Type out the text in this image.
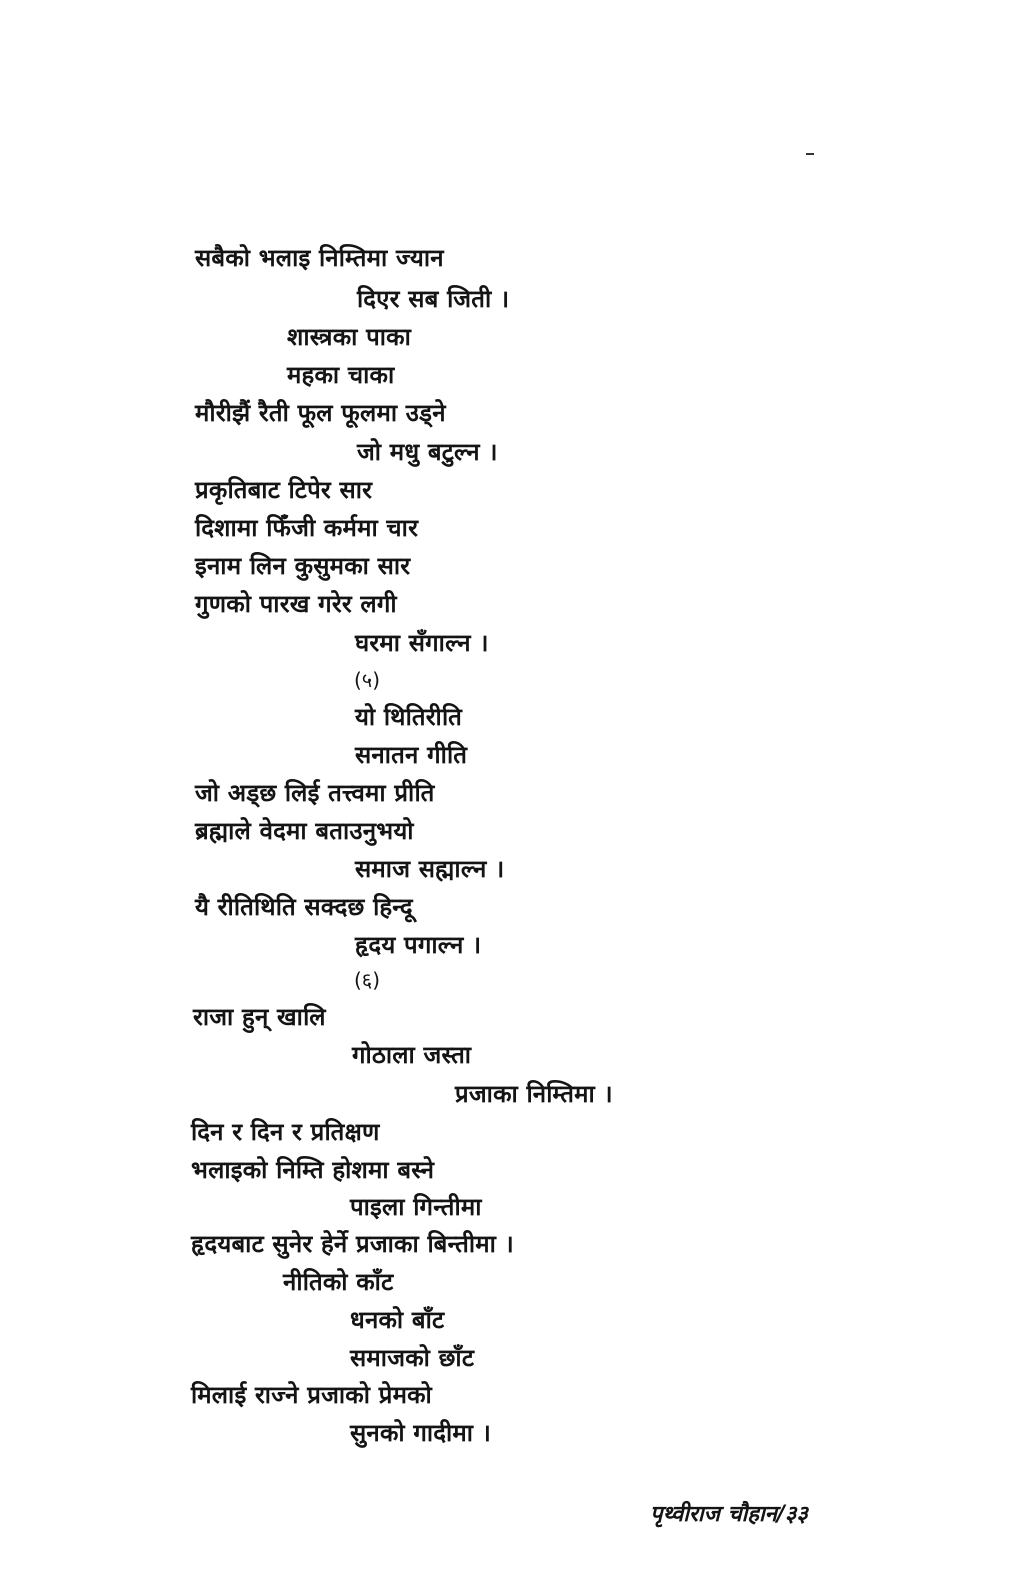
सबैको भलाइ निम्तिमा ज्यान
दिएर सब जिती ।
शास्त्रका पाका
महका चाका
मौरीझैं रैती फूल फूलमा उड्ने
जो मधु बटुल्न ।
प्रकृतिबाट टिपेर सार
दिशामा फिँजी कर्ममा चार
इनाम लिन कुसुमका सार
गुणको पारख गरेर लगी
घरमा सँगाल्न ।
(५)
यो थितिरीति
सनातन गीति
जो अड्छ लिई तत्त्वमा प्रीति
ब्रह्माले वेदमा बताउनुभयो
समाज सह्माल्न ।
यै रीतिथिति सक्दछ हिन्दू
हृदय पगाल्न ।
(६)
राजा हुन् खालि
गोठाला जस्ता
प्रजाका निम्तिमा ।
दिन र दिन र प्रतिक्षण
भलाइको निम्ति होशमा बस्ने
पाइला गिन्तीमा
हृदयबाट सुनेर हेर्ने प्रजाका बिन्तीमा ।
नीतिको काँट
धनको बाँट
समाजको छाँट
मिलाई राज्ने प्रजाको प्रेमको
सुनको गादीमा ।
पृथ्वीराज चौहान/३३
